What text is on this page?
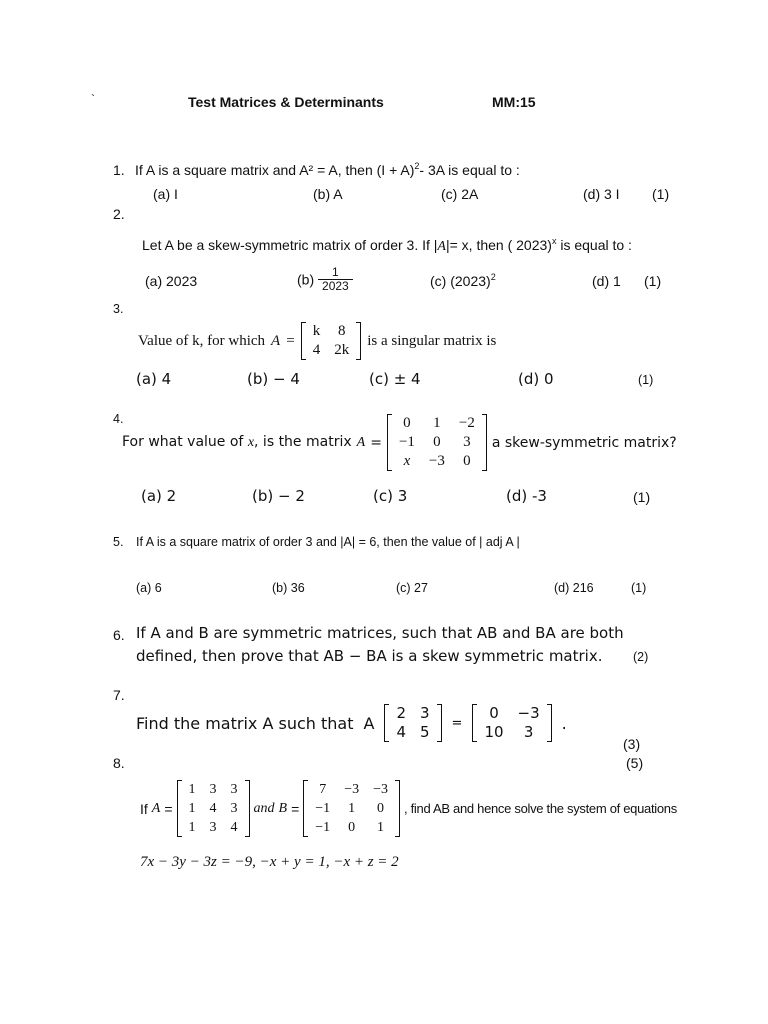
`	Test Matrices & Determinants	MM:15
1. If A is a square matrix and A² = A, then $(I + A)^2-$ 3A is equal to :
(a) I	(b) A	(c) 2A	(d) 3 I (1)
2.
Let A be a skew-symmetric matrix of order 3. If |A|= x, then ( 2023)$^x$ is equal to :
(a) 2023	$(b) \frac{1}{2023}$	(c) $(2023)^2$	(d) 1 (1)
3.
Value of k, for which A =
k	8
4	2k
is a singular matrix is
(a) 4	(b) − 4	(c) ± 4	(d) 0	(1)
4.
For what value of x, is the matrix A =
0	1	−2
−1	0	3
x	−3	0
a skew-symmetric matrix?
(a) 2	(b) − 2	(c) 3	(d) -3	(1)
5. If A is a square matrix of order 3 and |A| = 6, then the value of | adj A |
(a) 6	(b) 36	(c) 27	(d) 216	(1)
6. If A and B are symmetric matrices, such that AB and BA are both
defined, then prove that AB − BA is a skew symmetric matrix. (2)
7.
Find the matrix A such that A
2	3
4	5 =
0	−3
10	3 .
(3)
8.	(5)
If A =
1	3	3
1	4	3
1	3	4
and B =
7	−3	−3
−1	1	0
−1	0	1
, find AB and hence solve the system of equations
7x − 3y − 3z = −9, −x + y = 1, −x + z = 2
